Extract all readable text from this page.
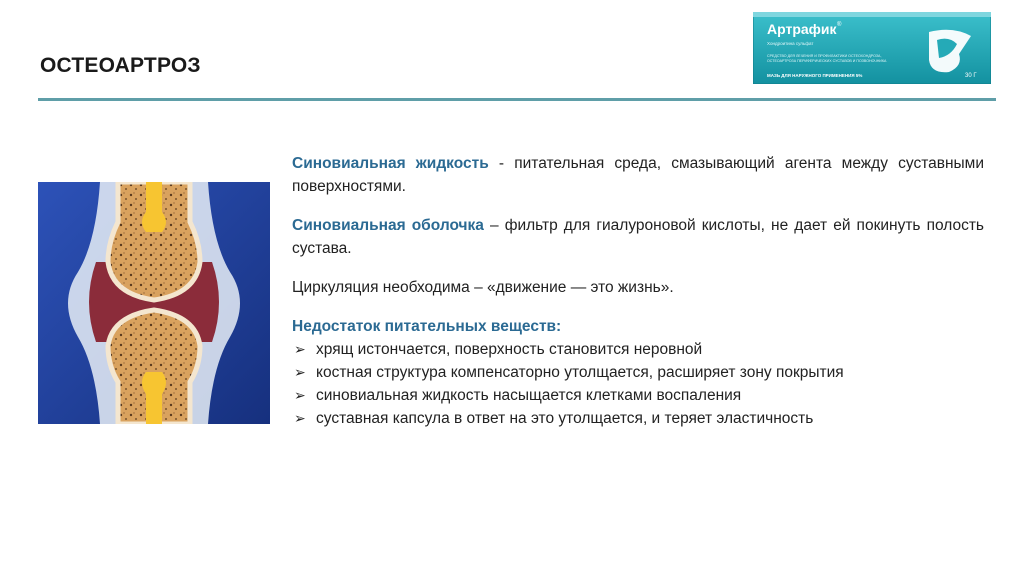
ОСТЕОАРТРОЗ
Артрафик ®
Хондроитина сульфат
СРЕДСТВО ДЛЯ ЛЕЧЕНИЯ И ПРОФИЛАКТИКИ ОСТЕОХОНДРОЗА,
ОСТЕОАРТРОЗА ПЕРИФЕРИЧЕСКИХ СУСТАВОВ И ПОЗВОНОЧНИКА
МАЗЬ ДЛЯ НАРУЖНОГО ПРИМЕНЕНИЯ 5%	30 Г

Синовиальная жидкость - питательная среда, смазывающий агента между суставными поверхностями.

Синовиальная оболочка – фильтр для гиалуроновой кислоты, не дает ей покинуть полость сустава.

Циркуляция необходима – «движение — это жизнь».

Недостаток питательных веществ:

➢ хрящ истончается, поверхность становится неровной
➢ костная структура компенсаторно утолщается, расширяет зону покрытия
➢ синовиальная жидкость насыщается клетками воспаления
➢ суставная капсула в ответ на это утолщается, и теряет эластичность
